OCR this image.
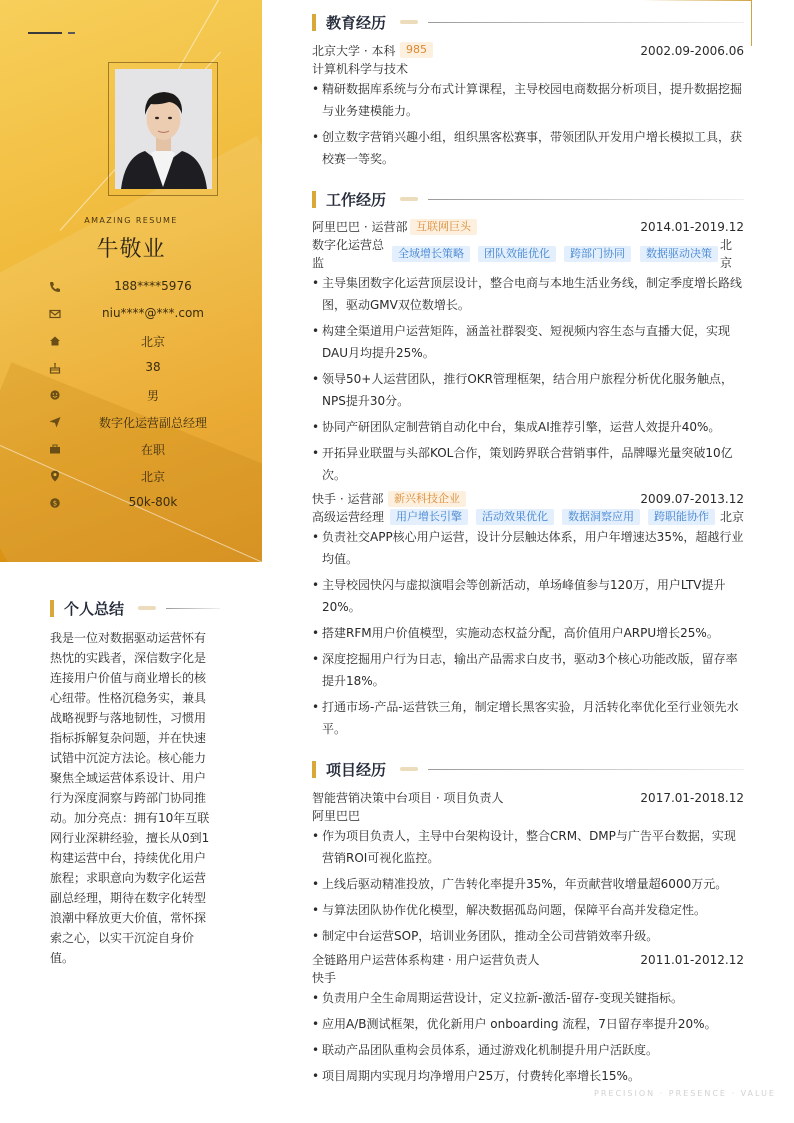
AMAZING RESUME
牛敬业
188****5976
niu****@***.com
北京
38
男
数字化运营副总经理
在职
北京
$	50k-80k
个人总结
我是一位对数据驱动运营怀有热忱的实践者，深信数字化是连接用户价值与商业增长的核心纽带。性格沉稳务实，兼具战略视野与落地韧性，习惯用指标拆解复杂问题，并在快速试错中沉淀方法论。核心能力聚焦全域运营体系设计、用户行为深度洞察与跨部门协同推动。加分亮点：拥有10年互联网行业深耕经验，擅长从0到1构建运营中台，持续优化用户旅程；求职意向为数字化运营副总经理，期待在数字化转型浪潮中释放更大价值，常怀探索之心，以实干沉淀自身价值。
教育经历
北京大学 · 本科 985	2002.09-2006.06
计算机科学与技术
• 精研数据库系统与分布式计算课程，主导校园电商数据分析项目，提升数据挖掘与业务建模能力。
• 创立数字营销兴趣小组，组织黑客松赛事，带领团队开发用户增长模拟工具，获校赛一等奖。
工作经历
阿里巴巴 · 运营部 互联网巨头	2014.01-2019.12
数字化运营总
监
全域增长策略	团队效能优化	跨部门协同	数据驱动决策
北
京
• 主导集团数字化运营顶层设计，整合电商与本地生活业务线，制定季度增长路线图，驱动GMV双位数增长。
• 构建全渠道用户运营矩阵，涵盖社群裂变、短视频内容生态与直播大促，实现DAU月均提升25%。
• 领导50+人运营团队，推行OKR管理框架，结合用户旅程分析优化服务触点，NPS提升30分。
• 协同产研团队定制营销自动化中台，集成AI推荐引擎，运营人效提升40%。
• 开拓异业联盟与头部KOL合作，策划跨界联合营销事件，品牌曝光量突破10亿次。
快手 · 运营部 新兴科技企业	2009.07-2013.12
高级运营经理	用户增长引擎	活动效果优化	数据洞察应用	跨职能协作 北京
• 负责社交APP核心用户运营，设计分层触达体系，用户年增速达35%，超越行业均值。
• 主导校园快闪与虚拟演唱会等创新活动，单场峰值参与120万，用户LTV提升20%。
• 搭建RFM用户价值模型，实施动态权益分配，高价值用户ARPU增长25%。
• 深度挖掘用户行为日志，输出产品需求白皮书，驱动3个核心功能改版，留存率提升18%。
• 打通市场-产品-运营铁三角，制定增长黑客实验，月活转化率优化至行业领先水平。
项目经历
智能营销决策中台项目 · 项目负责人	2017.01-2018.12
阿里巴巴
• 作为项目负责人，主导中台架构设计，整合CRM、DMP与广告平台数据，实现营销ROI可视化监控。
• 上线后驱动精准投放，广告转化率提升35%，年贡献营收增量超6000万元。
• 与算法团队协作优化模型，解决数据孤岛问题，保障平台高并发稳定性。
• 制定中台运营SOP，培训业务团队，推动全公司营销效率升级。
全链路用户运营体系构建 · 用户运营负责人	2011.01-2012.12
快手
• 负责用户全生命周期运营设计，定义拉新-激活-留存-变现关键指标。
• 应用A/B测试框架，优化新用户 onboarding 流程，7日留存率提升20%。
• 联动产品团队重构会员体系，通过游戏化机制提升用户活跃度。
• 项目周期内实现月均净增用户25万，付费转化率增长15%。
PRECISION · PRESENCE · VALUE
